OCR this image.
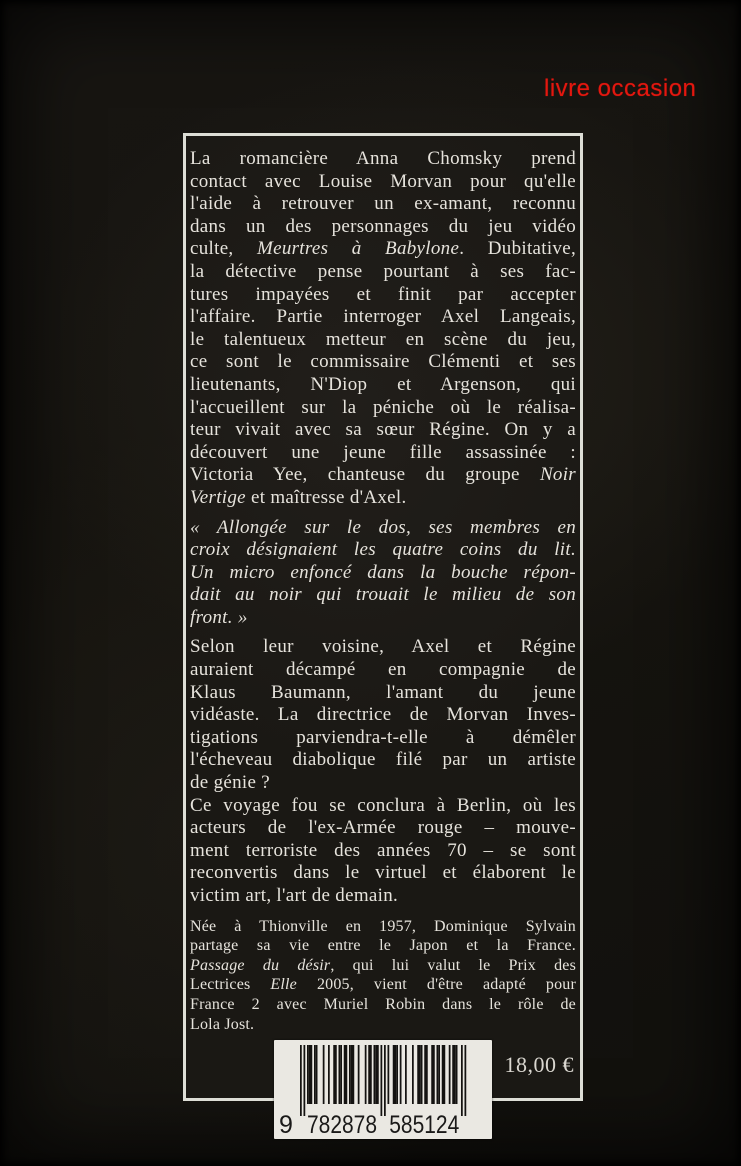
livre occasion
La romancière Anna Chomsky prend
contact avec Louise Morvan pour qu'elle
l'aide à retrouver un ex-amant, reconnu
dans un des personnages du jeu vidéo
culte, Meurtres à Babylone. Dubitative,
la détective pense pourtant à ses fac-
tures impayées et finit par accepter
l'affaire. Partie interroger Axel Langeais,
le talentueux metteur en scène du jeu,
ce sont le commissaire Clémenti et ses
lieutenants, N'Diop et Argenson, qui
l'accueillent sur la péniche où le réalisa-
teur vivait avec sa sœur Régine. On y a
découvert une jeune fille assassinée :
Victoria Yee, chanteuse du groupe Noir
Vertige et maîtresse d'Axel.
« Allongée sur le dos, ses membres en
croix désignaient les quatre coins du lit.
Un micro enfoncé dans la bouche répon-
dait au noir qui trouait le milieu de son
front. »
Selon leur voisine, Axel et Régine
auraient décampé en compagnie de
Klaus Baumann, l'amant du jeune
vidéaste. La directrice de Morvan Inves-
tigations parviendra-t-elle à démêler
l'écheveau diabolique filé par un artiste
de génie ?
Ce voyage fou se conclura à Berlin, où les
acteurs de l'ex-Armée rouge – mouve-
ment terroriste des années 70 – se sont
reconvertis dans le virtuel et élaborent le
victim art, l'art de demain.
Née à Thionville en 1957, Dominique Sylvain
partage sa vie entre le Japon et la France.
Passage du désir, qui lui valut le Prix des
Lectrices Elle 2005, vient d'être adapté pour
France 2 avec Muriel Robin dans le rôle de
Lola Jost.
18,00 €
9 782878 585124
